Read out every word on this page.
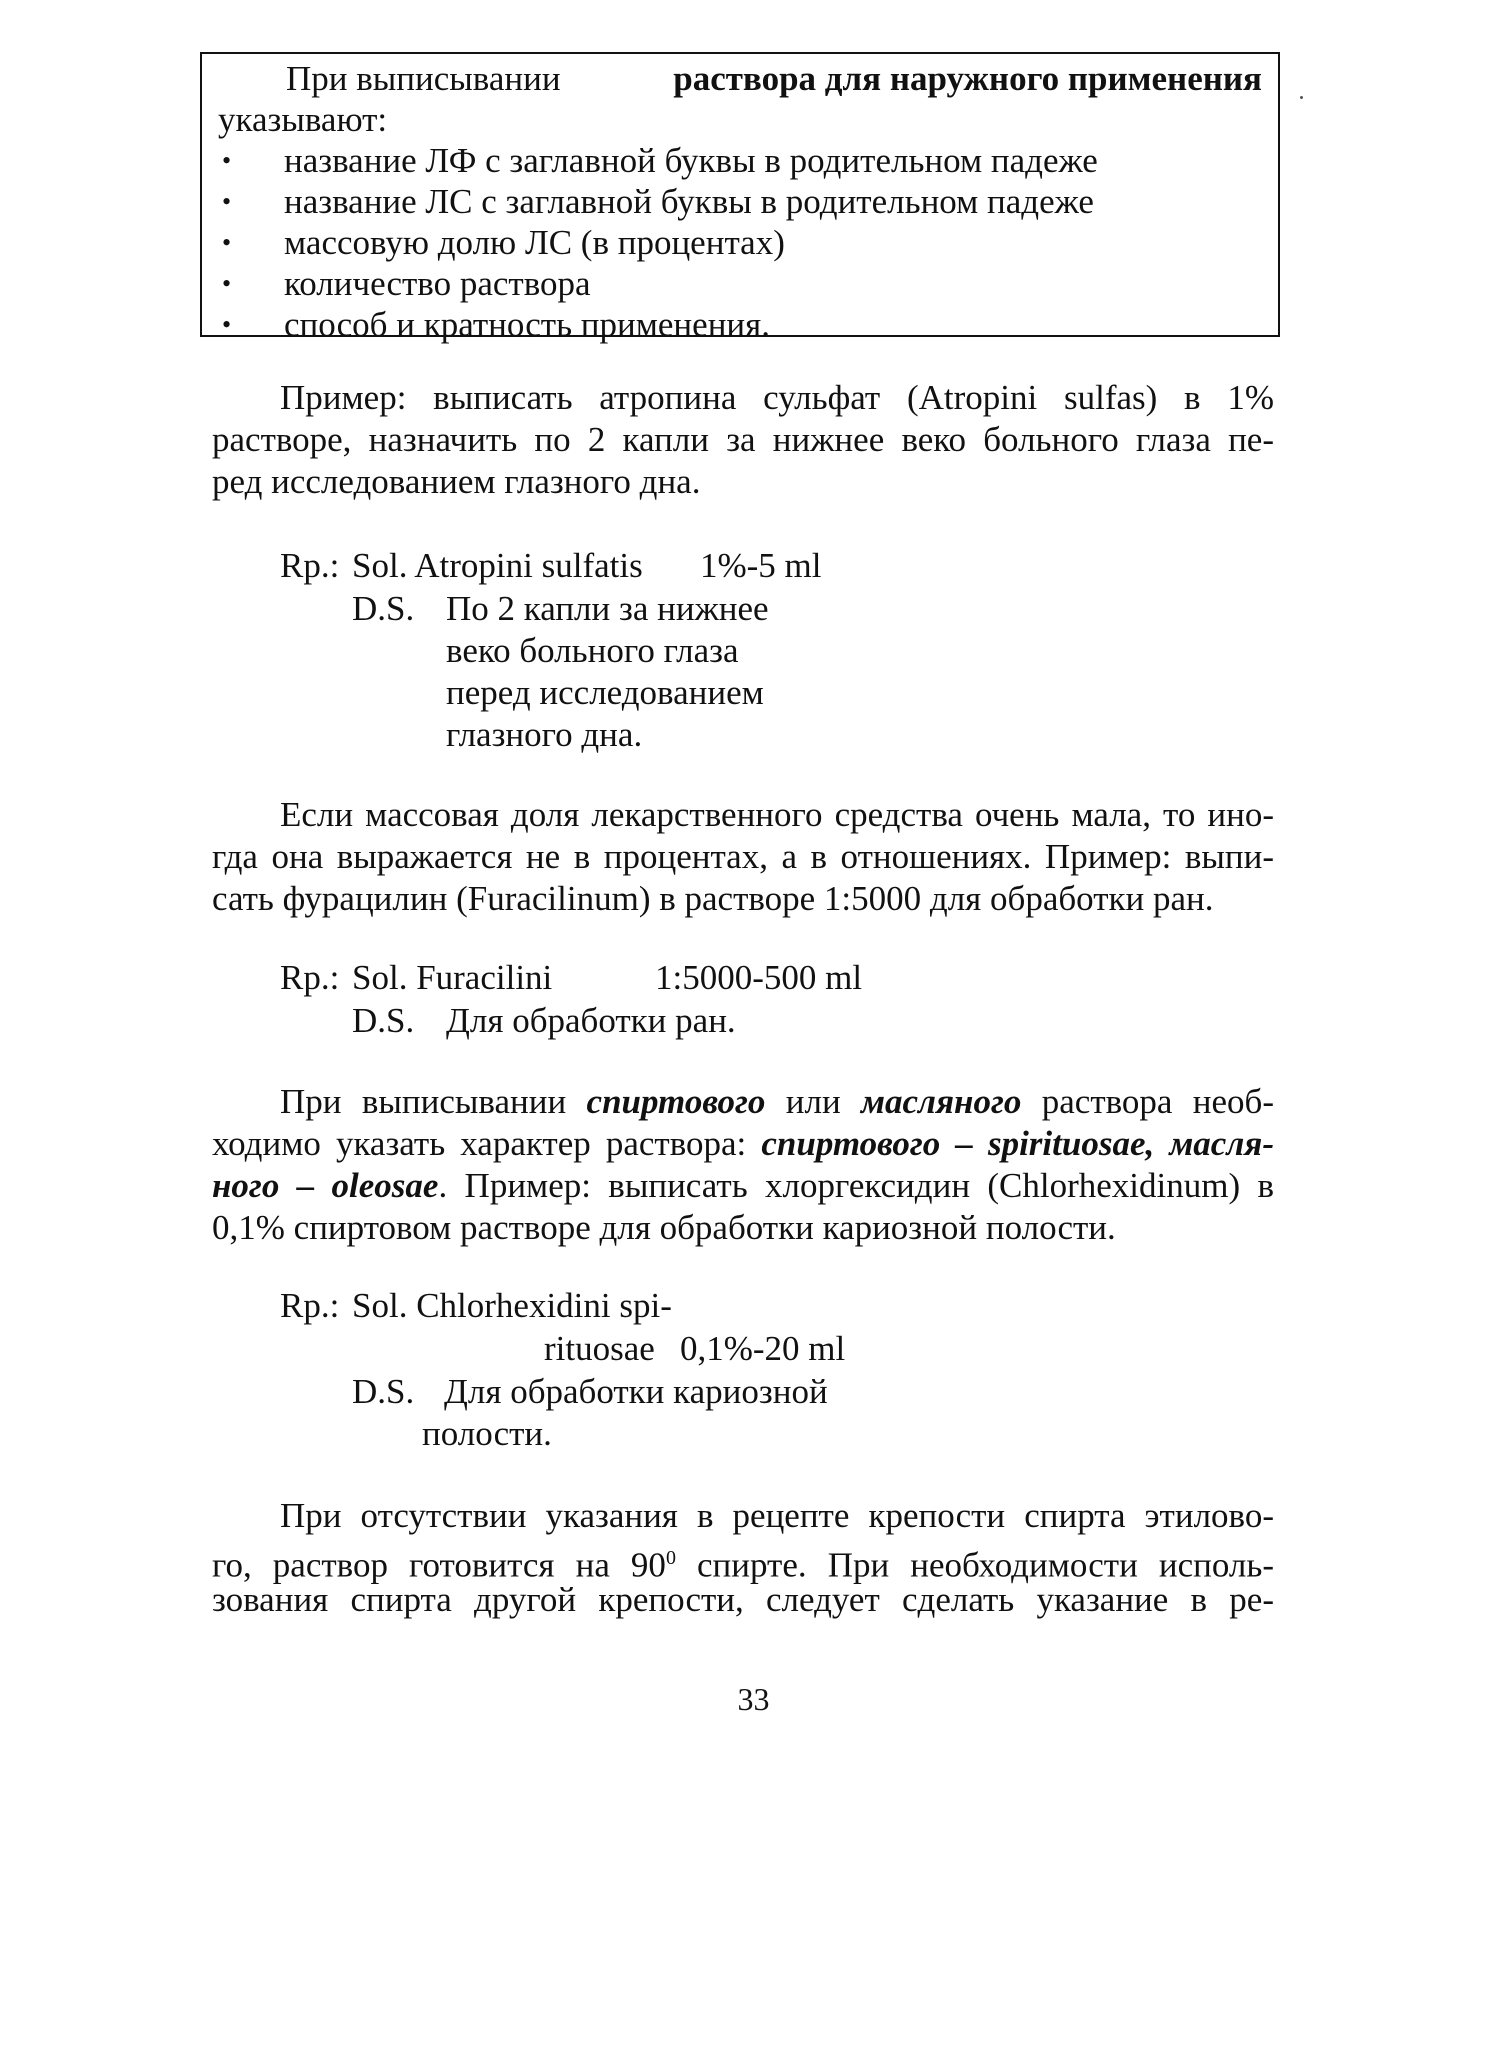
При выписывании	раствора для наружного применения
указывают:
• название ЛФ с заглавной буквы в родительном падеже
• название ЛС с заглавной буквы в родительном падеже
• массовую долю ЛС (в процентах)
• количество раствора
• способ и кратность применения.
Пример: выписать атропина сульфат (Atropini sulfas) в 1%
растворе, назначить по 2 капли за нижнее веко больного глаза пе-
ред исследованием глазного дна.
Rp.: Sol. Atropini sulfatis 1%-5 ml
D.S. По 2 капли за нижнее
веко больного глаза
перед исследованием
глазного дна.
Если массовая доля лекарственного средства очень мала, то ино-
гда она выражается не в процентах, а в отношениях. Пример: выпи-
сать фурацилин (Furacilinum) в растворе 1:5000 для обработки ран.
Rp.: Sol. Furacilini	1:5000-500 ml
D.S. Для обработки ран.
При выписывании спиртового или масляного раствора необ-
ходимо указать характер раствора: спиртового – spirituosae, масля-
ного – oleosae. Пример: выписать хлоргексидин (Chlorhexidinum) в
0,1% спиртовом растворе для обработки кариозной полости.
Rp.: Sol. Chlorhexidini spi-
rituosae 0,1%-20 ml
D.S. Для обработки кариозной
полости.
При отсутствии указания в рецепте крепости спирта этилово-
го, раствор готовится на $90^0$ спирте. При необходимости исполь-
зования спирта другой крепости, следует сделать указание в ре-
33
